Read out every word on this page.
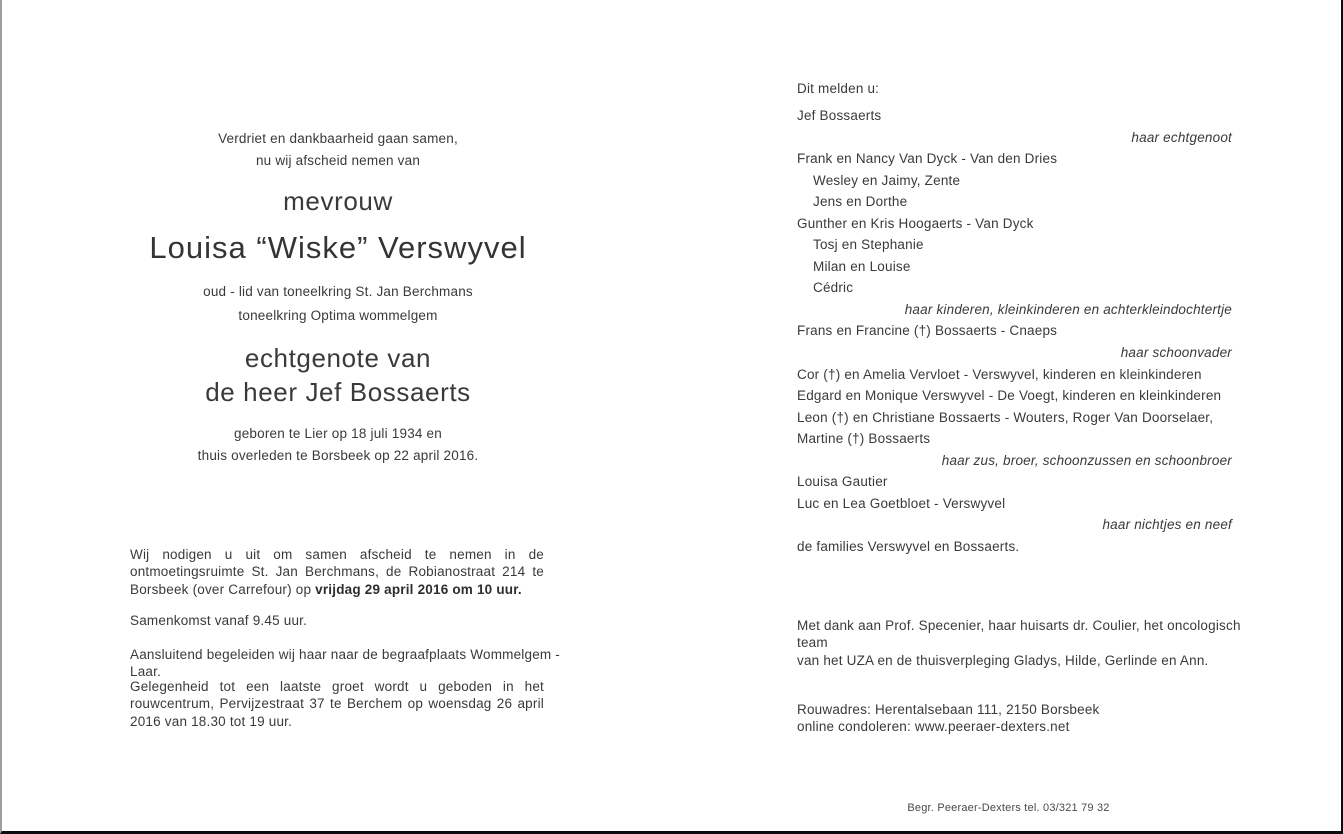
Verdriet en dankbaarheid gaan samen,
nu wij afscheid nemen van
mevrouw
Louisa “Wiske” Verswyvel
oud - lid van toneelkring St. Jan Berchmans
toneelkring Optima wommelgem
echtgenote van
de heer Jef Bossaerts
geboren te Lier op 18 juli 1934 en
thuis overleden te Borsbeek op 22 april 2016.
Wij nodigen u uit om samen afscheid te nemen in de ontmoetingsruimte St. Jan Berchmans, de Robianostraat 214 te Borsbeek (over Carrefour) op vrijdag 29 april 2016 om 10 uur.
Samenkomst vanaf 9.45 uur.
Aansluitend begeleiden wij haar naar de begraafplaats Wommelgem - Laar.
Gelegenheid tot een laatste groet wordt u geboden in het rouwcentrum, Pervijzestraat 37 te Berchem op woensdag 26 april 2016 van 18.30 tot 19 uur.
Dit melden u:
Jef Bossaerts
haar echtgenoot
Frank en Nancy Van Dyck - Van den Dries
Wesley en Jaimy, Zente
Jens en Dorthe
Gunther en Kris Hoogaerts - Van Dyck
Tosj en Stephanie
Milan en Louise
Cédric
haar kinderen, kleinkinderen en achterkleindochtertje
Frans en Francine (†) Bossaerts - Cnaeps
haar schoonvader
Cor (†) en Amelia Vervloet - Verswyvel, kinderen en kleinkinderen
Edgard en Monique Verswyvel - De Voegt, kinderen en kleinkinderen
Leon (†) en Christiane Bossaerts - Wouters, Roger Van Doorselaer,
Martine (†) Bossaerts
haar zus, broer, schoonzussen en schoonbroer
Louisa Gautier
Luc en Lea Goetbloet - Verswyvel
haar nichtjes en neef
de families Verswyvel en Bossaerts.
Met dank aan Prof. Specenier, haar huisarts dr. Coulier, het oncologisch team
van het UZA en de thuisverpleging Gladys, Hilde, Gerlinde en Ann.
Rouwadres: Herentalsebaan 111, 2150 Borsbeek
online condoleren: www.peeraer-dexters.net
Begr. Peeraer-Dexters tel. 03/321 79 32
